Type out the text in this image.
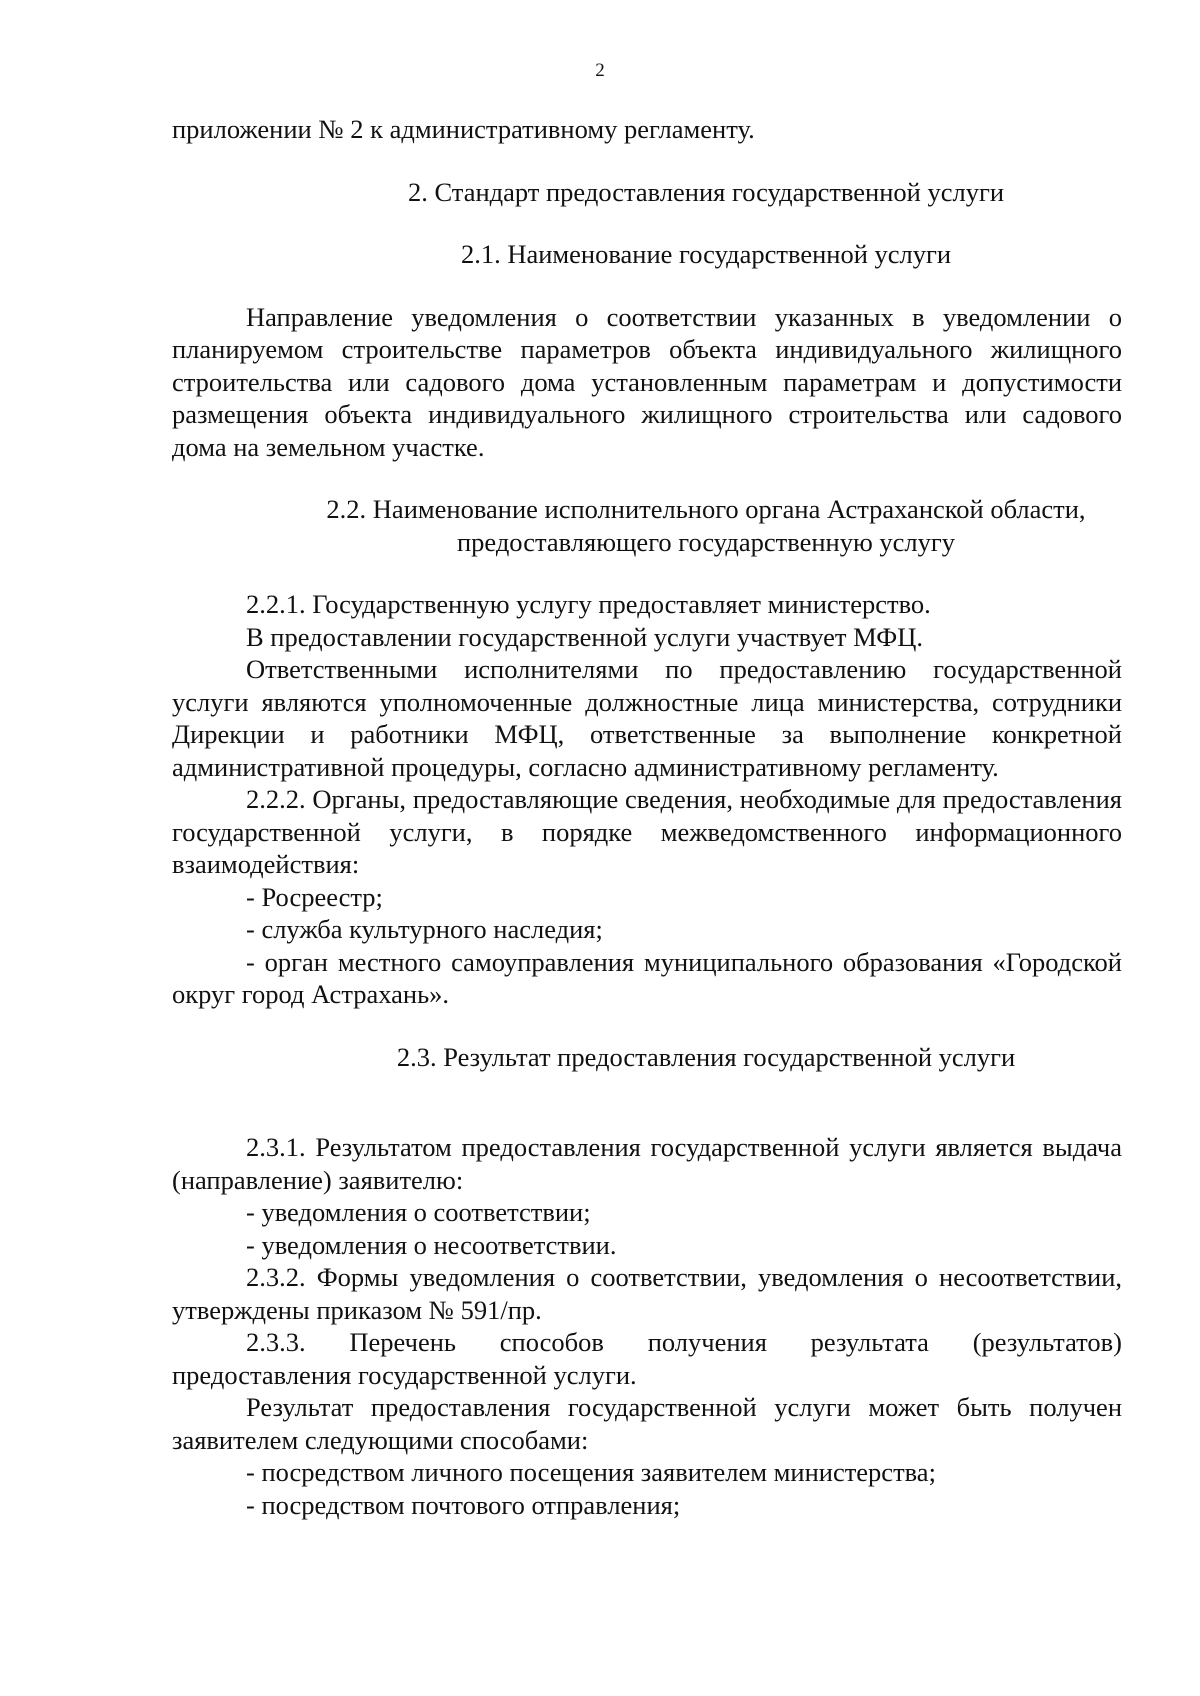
2

приложении № 2 к административному регламенту.

2. Стандарт предоставления государственной услуги

2.1. Наименование государственной услуги

Направление уведомления о соответствии указанных в уведомлении о планируемом строительстве параметров объекта индивидуального жилищного строительства или садового дома установленным параметрам и допустимости размещения объекта индивидуального жилищного строительства или садового дома на земельном участке.

2.2. Наименование исполнительного органа Астраханской области,

предоставляющего государственную услугу

2.2.1. Государственную услугу предоставляет министерство.

В предоставлении государственной услуги участвует МФЦ.

Ответственными исполнителями по предоставлению государственной услуги являются уполномоченные должностные лица министерства, сотрудники Дирекции и работники МФЦ, ответственные за выполнение конкретной административной процедуры, согласно административному регламенту.

2.2.2. Органы, предоставляющие сведения, необходимые для предоставления государственной услуги, в порядке межведомственного информационного взаимодействия:

- Росреестр;

- служба культурного наследия;

- орган местного самоуправления муниципального образования «Городской округ город Астрахань».

2.3. Результат предоставления государственной услуги

2.3.1. Результатом предоставления государственной услуги является выдача (направление) заявителю:

- уведомления о соответствии;

- уведомления о несоответствии.

2.3.2. Формы уведомления о соответствии, уведомления о несоответствии, утверждены приказом № 591/пр.

2.3.3. Перечень способов получения результата (результатов) предоставления государственной услуги.

Результат предоставления государственной услуги может быть получен заявителем следующими способами:

- посредством личного посещения заявителем министерства;

- посредством почтового отправления;
